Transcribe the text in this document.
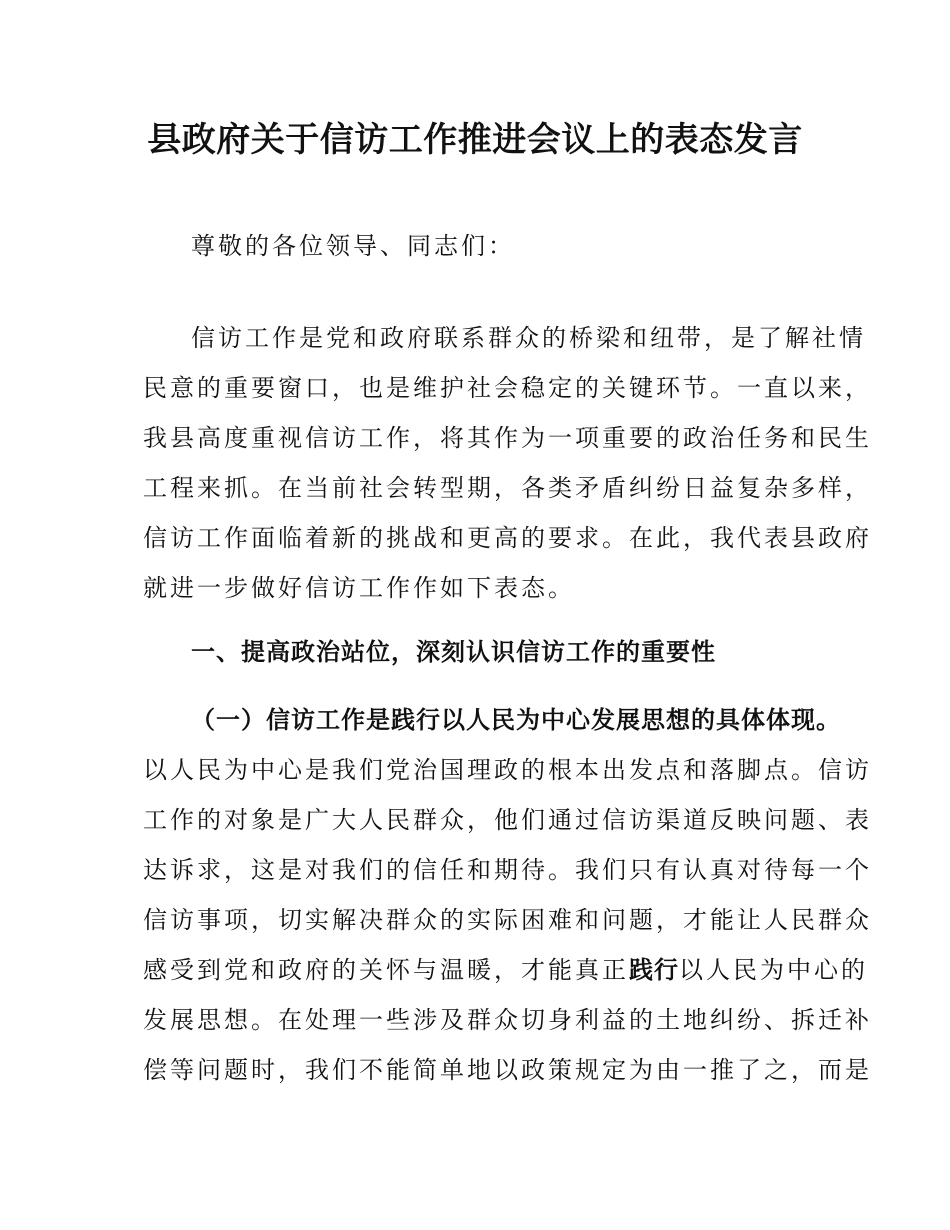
县政府关于信访工作推进会议上的表态发言

尊敬的各位领导、同志们：

信访工作是党和政府联系群众的桥梁和纽带，是了解社情

民意的重要窗口，也是维护社会稳定的关键环节。一直以来，

我县高度重视信访工作，将其作为一项重要的政治任务和民生

工程来抓。在当前社会转型期，各类矛盾纠纷日益复杂多样，

信访工作面临着新的挑战和更高的要求。在此，我代表县政府

就进一步做好信访工作作如下表态。

一、提高政治站位，深刻认识信访工作的重要性

（一）信访工作是践行以人民为中心发展思想的具体体现。

以人民为中心是我们党治国理政的根本出发点和落脚点。信访

工作的对象是广大人民群众，他们通过信访渠道反映问题、表

达诉求，这是对我们的信任和期待。我们只有认真对待每一个

信访事项，切实解决群众的实际困难和问题，才能让人民群众

感受到党和政府的关怀与温暖，才能真正践行以人民为中心的

发展思想。在处理一些涉及群众切身利益的土地纠纷、拆迁补

偿等问题时，我们不能简单地以政策规定为由一推了之，而是
